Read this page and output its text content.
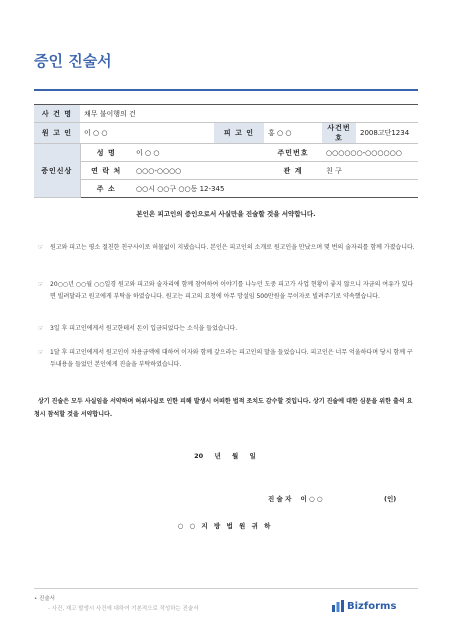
증인 진술서
사 건 명	채무 불이행의 건					
원 고 인	이 ○ ○		피 고 인	홍 ○ ○	사건번호	2008고단1234
증인신상	성 명	이 ○ ○		주민번호	○○○○○○-○○○○○○	
	연 락 처	○○○-○○○○		관 계	친 구	
	주 소	○○시 ○○구 ○○동 12-345				
본인은 피고인의 증인으로서 사실만을 진술할 것을 서약합니다.
☞	원고와 피고는 평소 절친한 친구사이로 허물없이 지냈습니다. 본인은 피고인의 소개로 원고인을 만났으며 몇 번의 술자리를 함께 가졌습니다.
☞	20○○년 ○○월 ○○일경 원고와 피고와 술자리에 함께 참여하여 이야기를 나누던 도중 피고가 사업 현황이 좋지 않으니 자금의 여유가 있다면 빌려달라고 원고에게 부탁을 하였습니다. 원고는 피고의 요청에 아무 망설임 500만원을 무이자로 빌려주기로 약속했습니다.
☞	3일 후 피고인에게서 원고한테서 돈이 입금되었다는 소식을 들었습니다.
☞	1달 후 피고인에게서 원고인이 차용금액에 대하여 이자와 함께 갚으라는 피고인의 말을 들었습니다. 피고인은 너무 억울하다며 당시 함께 구두내용을 들었던 본인에게 진술을 부탁하였습니다.
상기 진술은 모두 사실임을 서약하며 허위사실로 인한 피해 발생시 어떠한 법적 조치도 감수할 것입니다. 상기 진술에 대한 심문을 위한 출석 요청시 참석할 것을 서약합니다.
20 년 월 일
진 술 자 이 ○ ○	(인)
○ ○ 지 방 법 원 귀 하
• 진술서
- 사건, 재고 발생시 사건에 대하여 기본적으로 작성하는 진술서	Bizforms
